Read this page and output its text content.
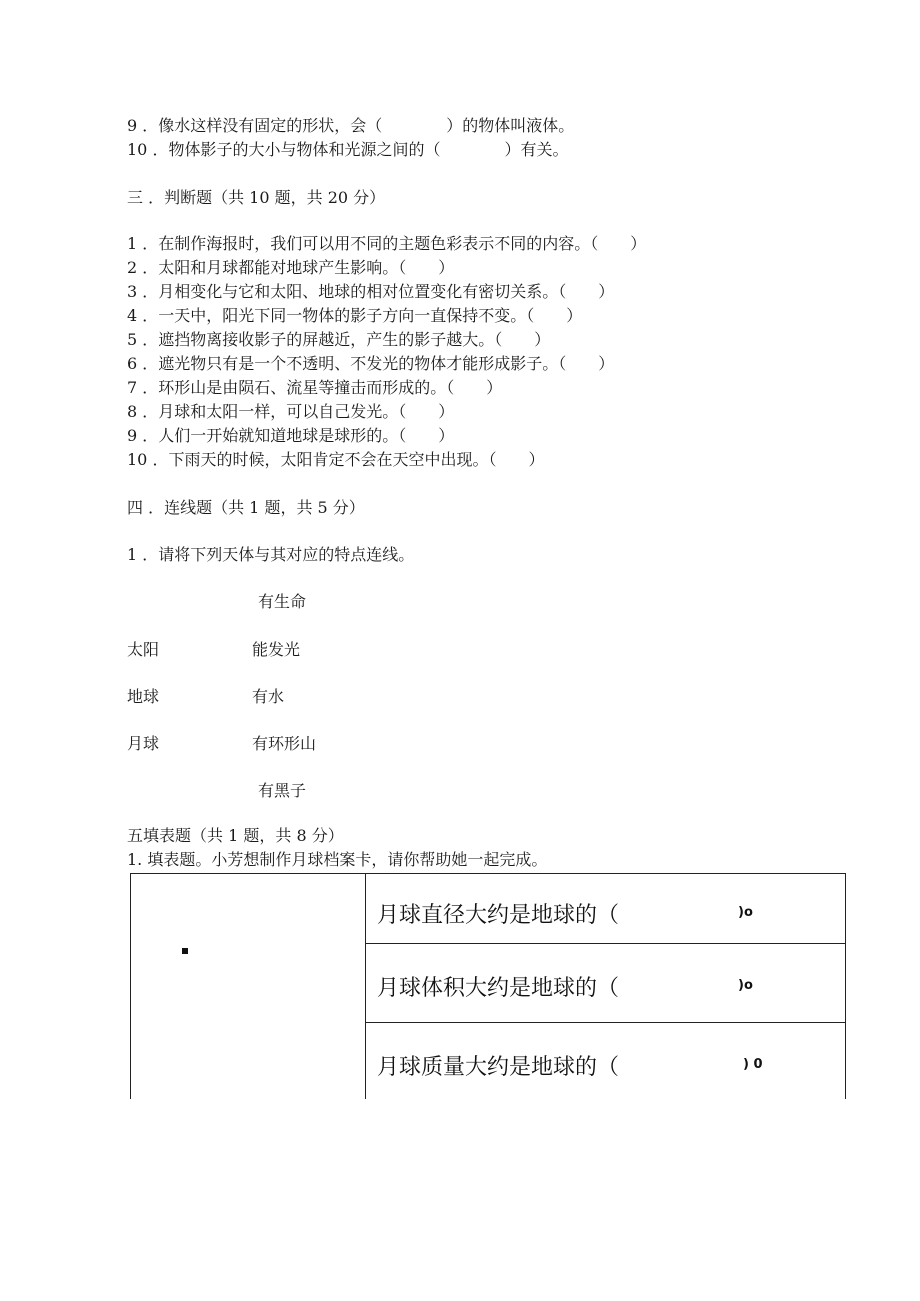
9 ．像水这样没有固定的形状，会（　　　　）的物体叫液体。
10 ．物体影子的大小与物体和光源之间的（　　　　）有关。
三 ．判断题（共 10 题，共 20 分）
1 ．在制作海报时，我们可以用不同的主题色彩表示不同的内容。（　　）
2 ．太阳和月球都能对地球产生影响。（　　）
3 ．月相变化与它和太阳、地球的相对位置变化有密切关系。（　　）
4 ．一天中，阳光下同一物体的影子方向一直保持不变。（　　）
5 ．遮挡物离接收影子的屏越近，产生的影子越大。（　　）
6 ．遮光物只有是一个不透明、不发光的物体才能形成影子。（　　）
7 ．环形山是由陨石、流星等撞击而形成的。（　　）
8 ．月球和太阳一样，可以自己发光。（　　）
9 ．人们一开始就知道地球是球形的。（　　）
10 ．下雨天的时候，太阳肯定不会在天空中出现。（　　）
四 ．连线题（共 1 题，共 5 分）
1 ．请将下列天体与其对应的特点连线。
有生命
太阳	能发光
地球	有水
月球	有环形山
有黑子
五填表题（共 1 题，共 8 分）
1. 填表题。小芳想制作月球档案卡，请你帮助她一起完成。
月球直径大约是地球的（	)o
月球体积大约是地球的（	)o
月球质量大约是地球的（	) 0
